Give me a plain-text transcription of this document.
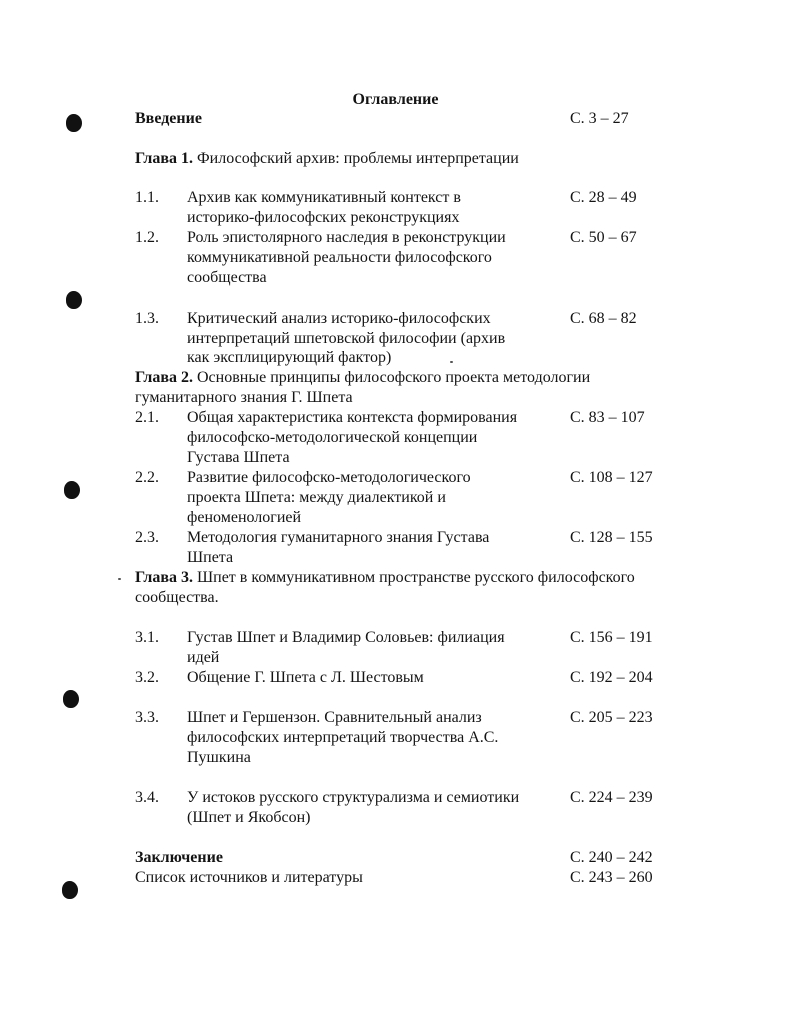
Оглавление
Введение	С. 3 – 27
Глава 1. Философский архив: проблемы интерпретации
1.1. Архив как коммуникативный контекст в
историко-философских реконструкциях
С. 28 – 49
1.2. Роль эпистолярного наследия в реконструкции
коммуникативной реальности философского
сообщества
С. 50 – 67
1.3. Критический анализ историко-философских
интерпретаций шпетовской философии (архив
как эксплицирующий фактор)
С. 68 – 82
Глава 2. Основные принципы философского проекта методологии
гуманитарного знания Г. Шпета
2.1. Общая характеристика контекста формирования
философско-методологической концепции
Густава Шпета
С. 83 – 107
2.2. Развитие философско-методологического
проекта Шпета: между диалектикой и
феноменологией
С. 108 – 127
2.3. Методология гуманитарного знания Густава
Шпета
С. 128 – 155
Глава 3. Шпет в коммуникативном пространстве русского философского
сообщества.
3.1. Густав Шпет и Владимир Соловьев: филиация
идей
С. 156 – 191
3.2. Общение Г. Шпета с Л. Шестовым	С. 192 – 204
3.3. Шпет и Гершензон. Сравнительный анализ
философских интерпретаций творчества А.С.
Пушкина
С. 205 – 223
3.4. У истоков русского структурализма и семиотики
(Шпет и Якобсон)
С. 224 – 239
Заключение	С. 240 – 242
Список источников и литературы	С. 243 – 260
